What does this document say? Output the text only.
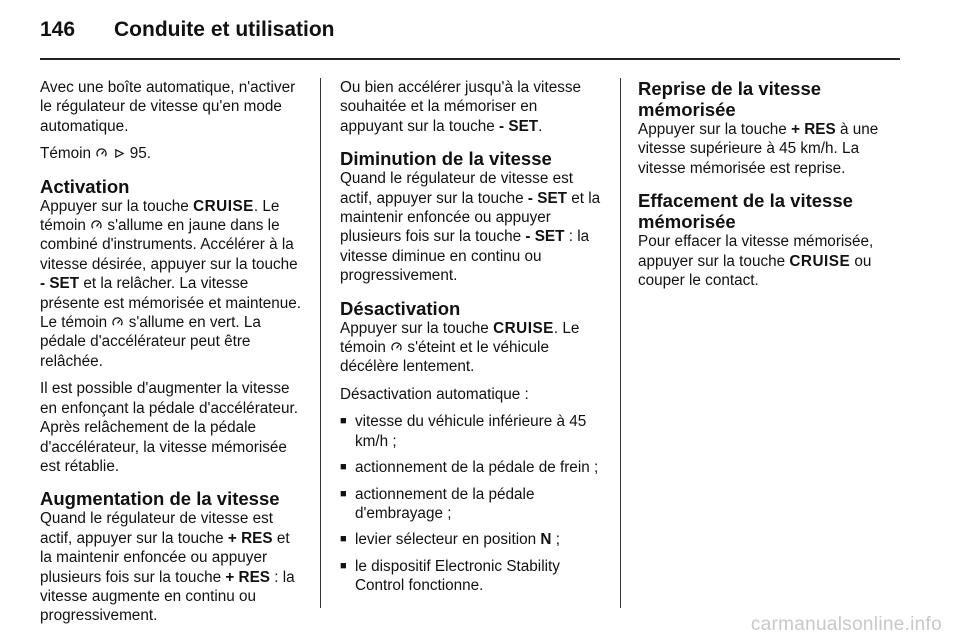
146	Conduite et utilisation

Avec une boîte automatique, n'activer le régulateur de vitesse qu'en mode automatique.

Témoin	95.

Activation

Appuyer sur la touche CRUISE. Le témoin s'allume en jaune dans le combiné d'instruments. Accélérer à la vitesse désirée, appuyer sur la touche - SET et la relâcher. La vitesse présente est mémorisée et maintenue. Le témoin s'allume en vert. La pédale d'accélérateur peut être relâchée.

Il est possible d'augmenter la vitesse en enfonçant la pédale d'accélérateur. Après relâchement de la pédale d'accélérateur, la vitesse mémorisée est rétablie.

Augmentation de la vitesse

Quand le régulateur de vitesse est actif, appuyer sur la touche + RES et la maintenir enfoncée ou appuyer plusieurs fois sur la touche + RES : la vitesse augmente en continu ou progressivement.

Ou bien accélérer jusqu'à la vitesse souhaitée et la mémoriser en appuyant sur la touche - SET.

Diminution de la vitesse

Quand le régulateur de vitesse est actif, appuyer sur la touche - SET et la maintenir enfoncée ou appuyer plusieurs fois sur la touche - SET : la vitesse diminue en continu ou progressivement.

Désactivation

Appuyer sur la touche CRUISE. Le témoin s'éteint et le véhicule décélère lentement.

Désactivation automatique :

■ vitesse du véhicule inférieure à 45 km/h ;
■ actionnement de la pédale de frein ;
■ actionnement de la pédale d'embrayage ;
■ levier sélecteur en position N ;
■ le dispositif Electronic Stability Control fonctionne.
Reprise de la vitesse mémorisée

Appuyer sur la touche + RES à une vitesse supérieure à 45 km/h. La vitesse mémorisée est reprise.

Effacement de la vitesse mémorisée

Pour effacer la vitesse mémorisée, appuyer sur la touche CRUISE ou couper le contact.

carmanualsonline.info
